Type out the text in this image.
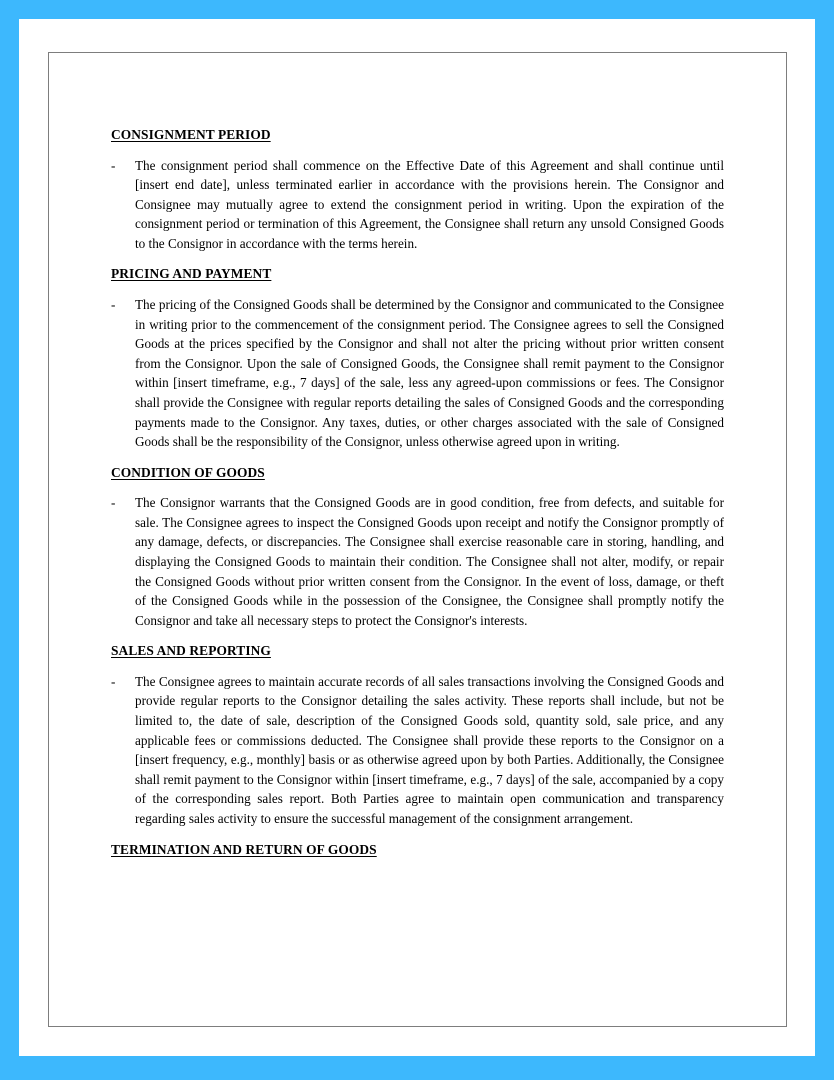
CONSIGNMENT PERIOD
-	The consignment period shall commence on the Effective Date of this Agreement and shall continue until [insert end date], unless terminated earlier in accordance with the provisions herein. The Consignor and Consignee may mutually agree to extend the consignment period in writing. Upon the expiration of the consignment period or termination of this Agreement, the Consignee shall return any unsold Consigned Goods to the Consignor in accordance with the terms herein.
PRICING AND PAYMENT
-	The pricing of the Consigned Goods shall be determined by the Consignor and communicated to the Consignee in writing prior to the commencement of the consignment period. The Consignee agrees to sell the Consigned Goods at the prices specified by the Consignor and shall not alter the pricing without prior written consent from the Consignor. Upon the sale of Consigned Goods, the Consignee shall remit payment to the Consignor within [insert timeframe, e.g., 7 days] of the sale, less any agreed-upon commissions or fees. The Consignor shall provide the Consignee with regular reports detailing the sales of Consigned Goods and the corresponding payments made to the Consignor. Any taxes, duties, or other charges associated with the sale of Consigned Goods shall be the responsibility of the Consignor, unless otherwise agreed upon in writing.
CONDITION OF GOODS
-	The Consignor warrants that the Consigned Goods are in good condition, free from defects, and suitable for sale. The Consignee agrees to inspect the Consigned Goods upon receipt and notify the Consignor promptly of any damage, defects, or discrepancies. The Consignee shall exercise reasonable care in storing, handling, and displaying the Consigned Goods to maintain their condition. The Consignee shall not alter, modify, or repair the Consigned Goods without prior written consent from the Consignor. In the event of loss, damage, or theft of the Consigned Goods while in the possession of the Consignee, the Consignee shall promptly notify the Consignor and take all necessary steps to protect the Consignor's interests.
SALES AND REPORTING
-	The Consignee agrees to maintain accurate records of all sales transactions involving the Consigned Goods and provide regular reports to the Consignor detailing the sales activity. These reports shall include, but not be limited to, the date of sale, description of the Consigned Goods sold, quantity sold, sale price, and any applicable fees or commissions deducted. The Consignee shall provide these reports to the Consignor on a [insert frequency, e.g., monthly] basis or as otherwise agreed upon by both Parties. Additionally, the Consignee shall remit payment to the Consignor within [insert timeframe, e.g., 7 days] of the sale, accompanied by a copy of the corresponding sales report. Both Parties agree to maintain open communication and transparency regarding sales activity to ensure the successful management of the consignment arrangement.
TERMINATION AND RETURN OF GOODS
